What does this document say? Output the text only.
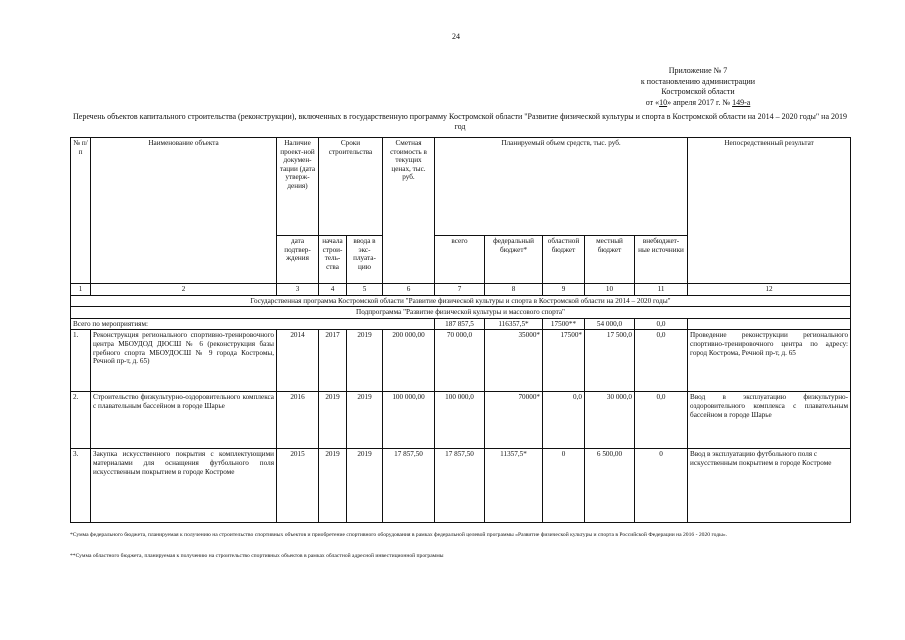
24
Приложение № 7
к постановлению администрации
Костромской области
от «10» апреля 2017 г. № 149-а
Перечень объектов капитального строительства (реконструкции), включенных в государственную программу Костромской области "Развитие физической культуры и спорта в Костромской области на 2014 – 2020 годы" на 2019 год
№ п/п	Наименование объекта	Наличие проект-ной докумен-тации (дата утверж-дения)	Сроки строительства		Сметная стоимость в текущих ценах, тыс. руб.	Планируемый объем средств, тыс. руб.					Непосредственный результат
		дата подтвер-ждения	начала строи-тель-ства	ввода в экс-плуата-цию		всего	федеральный бюджет*	областной бюджет	местный бюджет	внебюджет-ные источники	
1	2	3	4	5	6	7	8	9	10	11	12
Государственная программа Костромской области "Развитие физической культуры и спорта в Костромской области на 2014 – 2020 годы"											
Подпрограмма "Развитие физической культуры и массового спорта"											
Всего по мероприятиям:						187 857,5	116357,5*	17500**	54 000,0	0,0	
1.	Реконструкция регионального спортивно-тренировочного центра МБОУДОД ДЮСШ № 6 (реконструкция базы гребного спорта МБОУДОСШ № 9 города Костромы, Речной пр-т, д. 65)	2014	2017	2019	200 000,00	70 000,0	35000*	17500*	17 500,0	0,0	Проведение реконструкции регионального спортивно-тренировочного центра по адресу: город Кострома, Речной пр-т, д. 65
2.	Строительство физкультурно-оздоровительного комплекса с плавательным бассейном в городе Шарье	2016	2019	2019	100 000,00	100 000,0	70000*	0,0	30 000,0	0,0	Ввод в эксплуатацию физкультурно-оздоровительного комплекса с плавательным бассейном в городе Шарье
3.	Закупка искусственного покрытия с комплектующими материалами для оснащения футбольного поля искусственным покрытием в городе Костроме	2015	2019	2019	17 857,50	17 857,50	11357,5*	0	6 500,00	0	Ввод в эксплуатацию футбольного поля с искусственным покрытием в городе Костроме
*Сумма федерального бюджета, планируемая к получению на строительство спортивных объектов и приобретение спортивного оборудования в рамках федеральной целевой программы «Развитие физической культуры и спорта в Российской Федерации на 2016 - 2020 годы».
**Сумма областного бюджета, планируемая к получению на строительство спортивных объектов в рамках областной адресной инвестиционной программы
